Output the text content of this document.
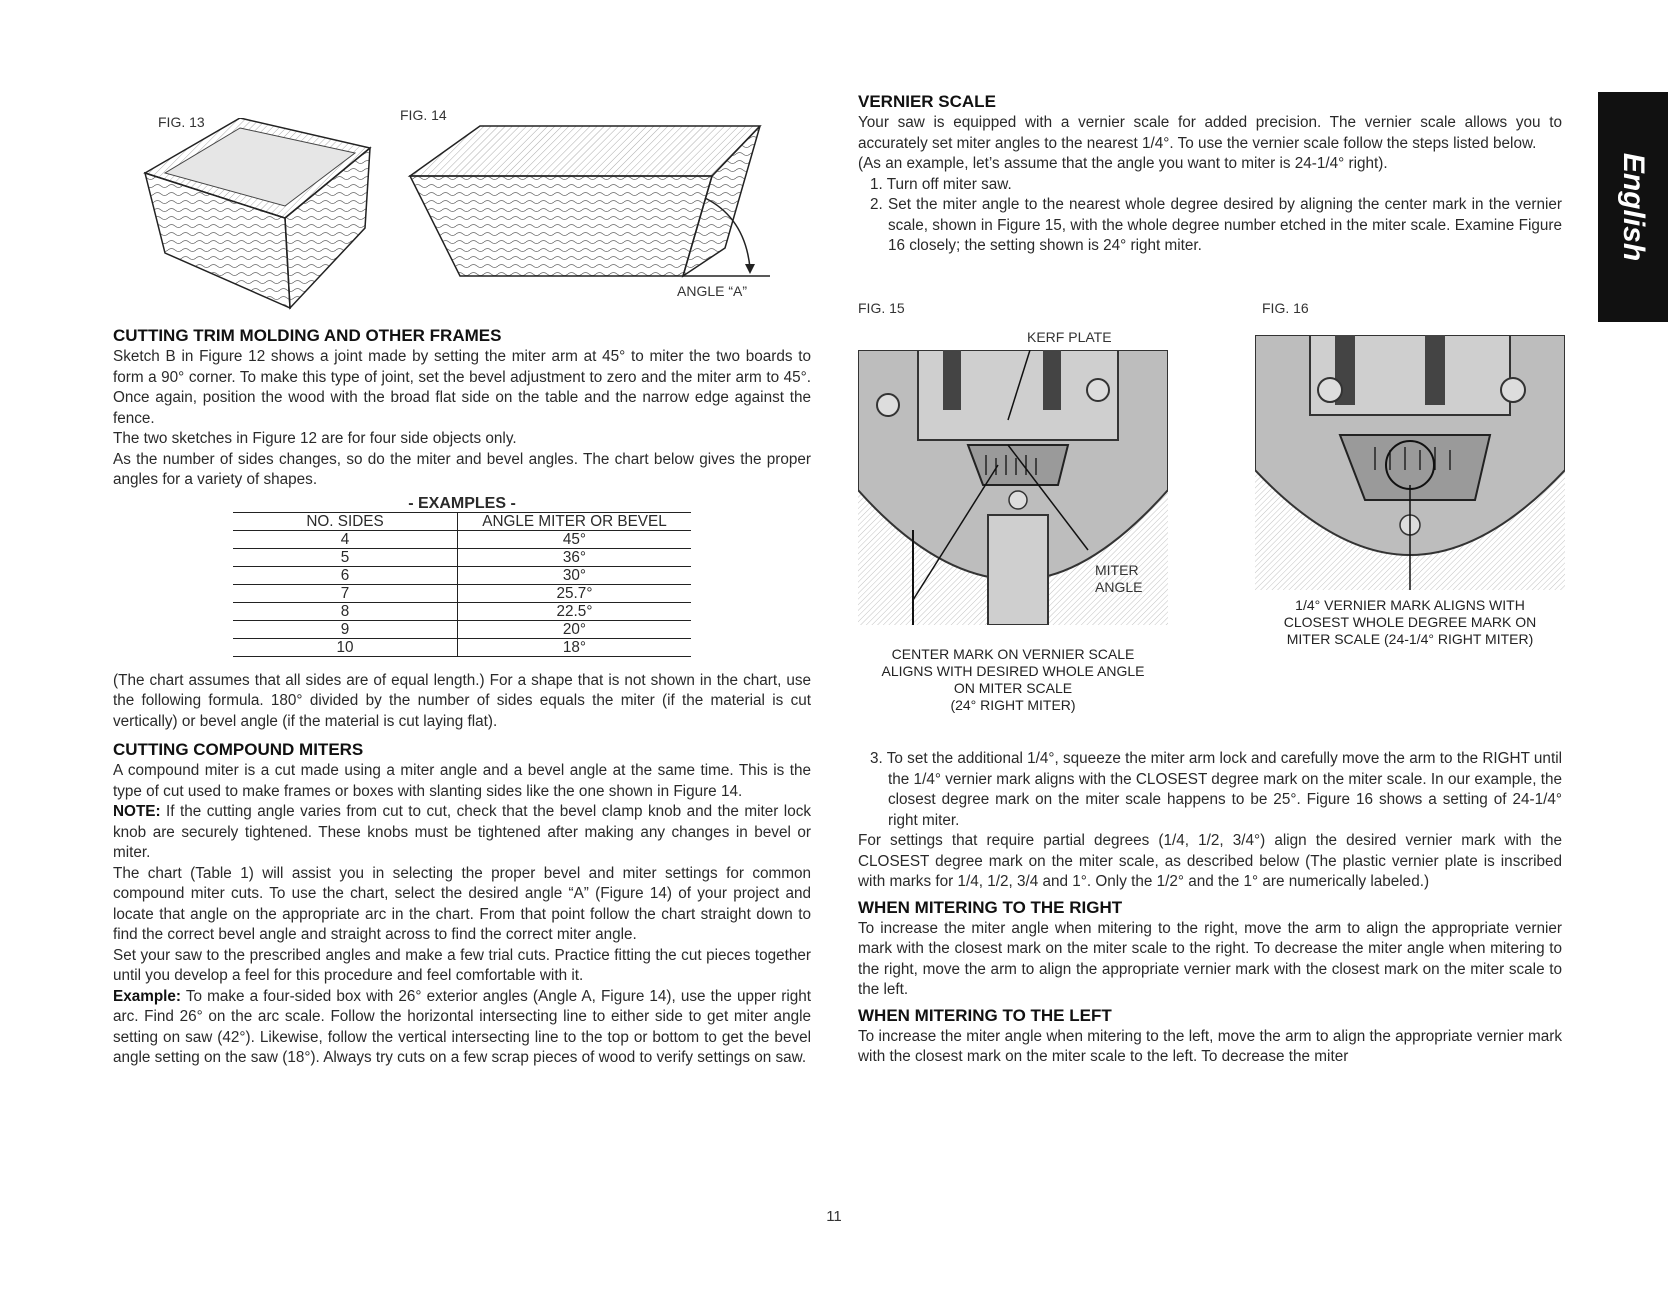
FIG. 13	FIG. 14
ANGLE “A”
CUTTING TRIM MOLDING AND OTHER FRAMES

Sketch B in Figure 12 shows a joint made by setting the miter arm at 45° to miter the two boards to form a 90° corner. To make this type of joint, set the bevel adjustment to zero and the miter arm to 45°. Once again, position the wood with the broad flat side on the table and the narrow edge against the fence.

The two sketches in Figure 12 are for four side objects only.

As the number of sides changes, so do the miter and bevel angles. The chart below gives the proper angles for a variety of shapes.

- EXAMPLES -	
NO. SIDES	ANGLE MITER OR BEVEL
4	45°
5	36°
6	30°
7	25.7°
8	22.5°
9	20°
10	18°

(The chart assumes that all sides are of equal length.) For a shape that is not shown in the chart, use the following formula. 180° divided by the number of sides equals the miter (if the material is cut vertically) or bevel angle (if the material is cut laying flat).

CUTTING COMPOUND MITERS

A compound miter is a cut made using a miter angle and a bevel angle at the same time. This is the type of cut used to make frames or boxes with slanting sides like the one shown in Figure 14.

NOTE: If the cutting angle varies from cut to cut, check that the bevel clamp knob and the miter lock knob are securely tightened. These knobs must be tightened after making any changes in bevel or miter.

The chart (Table 1) will assist you in selecting the proper bevel and miter settings for common compound miter cuts. To use the chart, select the desired angle “A” (Figure 14) of your project and locate that angle on the appropriate arc in the chart. From that point follow the chart straight down to find the correct bevel angle and straight across to find the correct miter angle.

Set your saw to the prescribed angles and make a few trial cuts. Practice fitting the cut pieces together until you develop a feel for this procedure and feel comfortable with it.

Example: To make a four-sided box with 26° exterior angles (Angle A, Figure 14), use the upper right arc. Find 26° on the arc scale. Follow the horizontal intersecting line to either side to get miter angle setting on saw (42°). Likewise, follow the vertical intersecting line to the top or bottom to get the bevel angle setting on the saw (18°). Always try cuts on a few scrap pieces of wood to verify settings on saw.

VERNIER SCALE

Your saw is equipped with a vernier scale for added precision. The vernier scale allows you to accurately set miter angles to the nearest 1/4°. To use the vernier scale follow the steps listed below.

(As an example, let’s assume that the angle you want to miter is 24-1/4° right).

1. Turn off miter saw.
2. Set the miter angle to the nearest whole degree desired by aligning the center mark in the vernier scale, shown in Figure 15, with the whole degree number etched in the miter scale. Examine Figure 16 closely; the setting shown is 24° right miter.
FIG. 15	FIG. 16
KERF PLATE
MITER
ANGLE
CENTER MARK ON VERNIER SCALE
ALIGNS WITH DESIRED WHOLE ANGLE
ON MITER SCALE
(24° RIGHT MITER)
1/4° VERNIER MARK ALIGNS WITH
CLOSEST WHOLE DEGREE MARK ON
MITER SCALE (24-1/4° RIGHT MITER)
3. To set the additional 1/4°, squeeze the miter arm lock and carefully move the arm to the RIGHT until the 1/4° vernier mark aligns with the CLOSEST degree mark on the miter scale. In our example, the closest degree mark on the miter scale happens to be 25°. Figure 16 shows a setting of 24-1/4° right miter.

For settings that require partial degrees (1/4, 1/2, 3/4°) align the desired vernier mark with the CLOSEST degree mark on the miter scale, as described below (The plastic vernier plate is inscribed with marks for 1/4, 1/2, 3/4 and 1°. Only the 1/2° and the 1° are numerically labeled.)

WHEN MITERING TO THE RIGHT

To increase the miter angle when mitering to the right, move the arm to align the appropriate vernier mark with the closest mark on the miter scale to the right. To decrease the miter angle when mitering to the right, move the arm to align the appropriate vernier mark with the closest mark on the miter scale to the left.

WHEN MITERING TO THE LEFT

To increase the miter angle when mitering to the left, move the arm to align the appropriate vernier mark with the closest mark on the miter scale to the left. To decrease the miter

English
11
